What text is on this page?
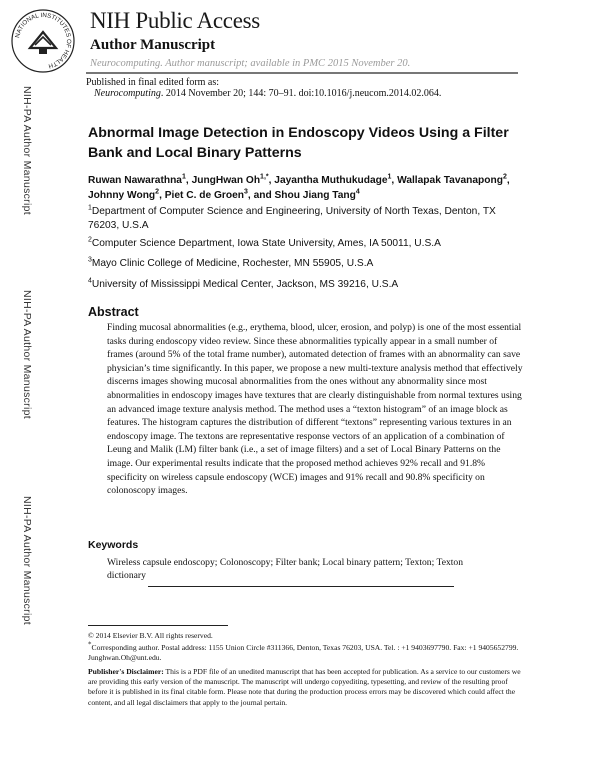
NATIONAL INSTITUTES OF HEALTH
NIH Public Access
Author Manuscript
Neurocomputing. Author manuscript; available in PMC 2015 November 20.
Published in final edited form as:
Neurocomputing. 2014 November 20; 144: 70–91. doi:10.1016/j.neucom.2014.02.064.
NIH-PA Author Manuscript
NIH-PA Author Manuscript
NIH-PA Author Manuscript
Abnormal Image Detection in Endoscopy Videos Using a Filter Bank and Local Binary Patterns
Ruwan Nawarathna$^1$, JungHwan $Oh^{1,*}$, Jayantha Muthukudage$^1$, Wallapak Tavanapong$^2$, Johnny Wong$^2$, Piet C. de Groen$^3$, and Shou Jiang Tang$^4$
$^1$Department of Computer Science and Engineering, University of North Texas, Denton, TX 76203, U.S.A
$^2$Computer Science Department, Iowa State University, Ames, IA 50011, U.S.A
$^3$Mayo Clinic College of Medicine, Rochester, MN 55905, U.S.A
$^4$University of Mississippi Medical Center, Jackson, MS 39216, U.S.A
Abstract
Finding mucosal abnormalities (e.g., erythema, blood, ulcer, erosion, and polyp) is one of the most essential tasks during endoscopy video review. Since these abnormalities typically appear in a small number of frames (around 5% of the total frame number), automated detection of frames with an abnormality can save physician’s time significantly. In this paper, we propose a new multi-texture analysis method that effectively discerns images showing mucosal abnormalities from the ones without any abnormality since most abnormalities in endoscopy images have textures that are clearly distinguishable from normal textures using an advanced image texture analysis method. The method uses a “texton histogram” of an image block as features. The histogram captures the distribution of different “textons” representing various textures in an endoscopy image. The textons are representative response vectors of an application of a combination of Leung and Malik (LM) filter bank (i.e., a set of image filters) and a set of Local Binary Patterns on the image. Our experimental results indicate that the proposed method achieves 92% recall and 91.8% specificity on wireless capsule endoscopy (WCE) images and 91% recall and 90.8% specificity on colonoscopy images.
Keywords
Wireless capsule endoscopy; Colonoscopy; Filter bank; Local binary pattern; Texton; Texton dictionary
© 2014 Elsevier B.V. All rights reserved.
*Corresponding author. Postal address: 1155 Union Circle #311366, Denton, Texas 76203, USA. Tel. : +1 9403697790. Fax: +1 9405652799. Junghwan.Oh@unt.edu.
Publisher's Disclaimer: This is a PDF file of an unedited manuscript that has been accepted for publication. As a service to our customers we are providing this early version of the manuscript. The manuscript will undergo copyediting, typesetting, and review of the resulting proof before it is published in its final citable form. Please note that during the production process errors may be discovered which could affect the content, and all legal disclaimers that apply to the journal pertain.
